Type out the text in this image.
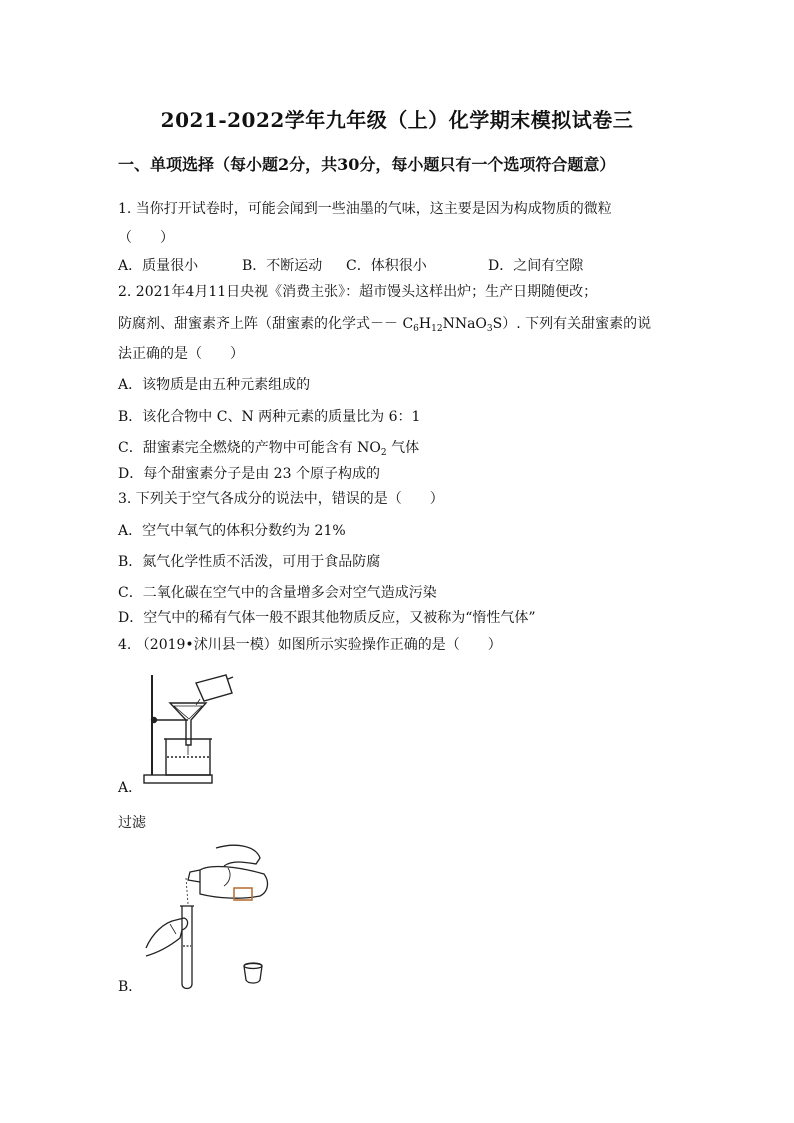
2021-2022学年九年级（上）化学期末模拟试卷三
一、单项选择（每小题2分，共30分，每小题只有一个选项符合题意）
1. 当你打开试卷时，可能会闻到一些油墨的气味，这主要是因为构成物质的微粒
（　　）
A．质量很小	B．不断运动 C．体积很小	D．之间有空隙
2. 2021年4月11日央视《消费主张》：超市馒头这样出炉；生产日期随便改；
防腐剂、甜蜜素齐上阵（甜蜜素的化学式－－ $C_6H_{12}NNaO_3S$）. 下列有关甜蜜素的说
法正确的是（　　）
A．该物质是由五种元素组成的
B．该化合物中 C、N 两种元素的质量比为 6：1
C．甜蜜素完全燃烧的产物中可能含有 $NO_2$ 气体
D．每个甜蜜素分子是由 23 个原子构成的
3. 下列关于空气各成分的说法中，错误的是（　　）
A．空气中氧气的体积分数约为 21%
B．氮气化学性质不活泼，可用于食品防腐
C．二氧化碳在空气中的含量增多会对空气造成污染
D．空气中的稀有气体一般不跟其他物质反应，又被称为“惰性气体”
4. （2019•沭川县一模）如图所示实验操作正确的是（　　）
A．
过滤
B．
